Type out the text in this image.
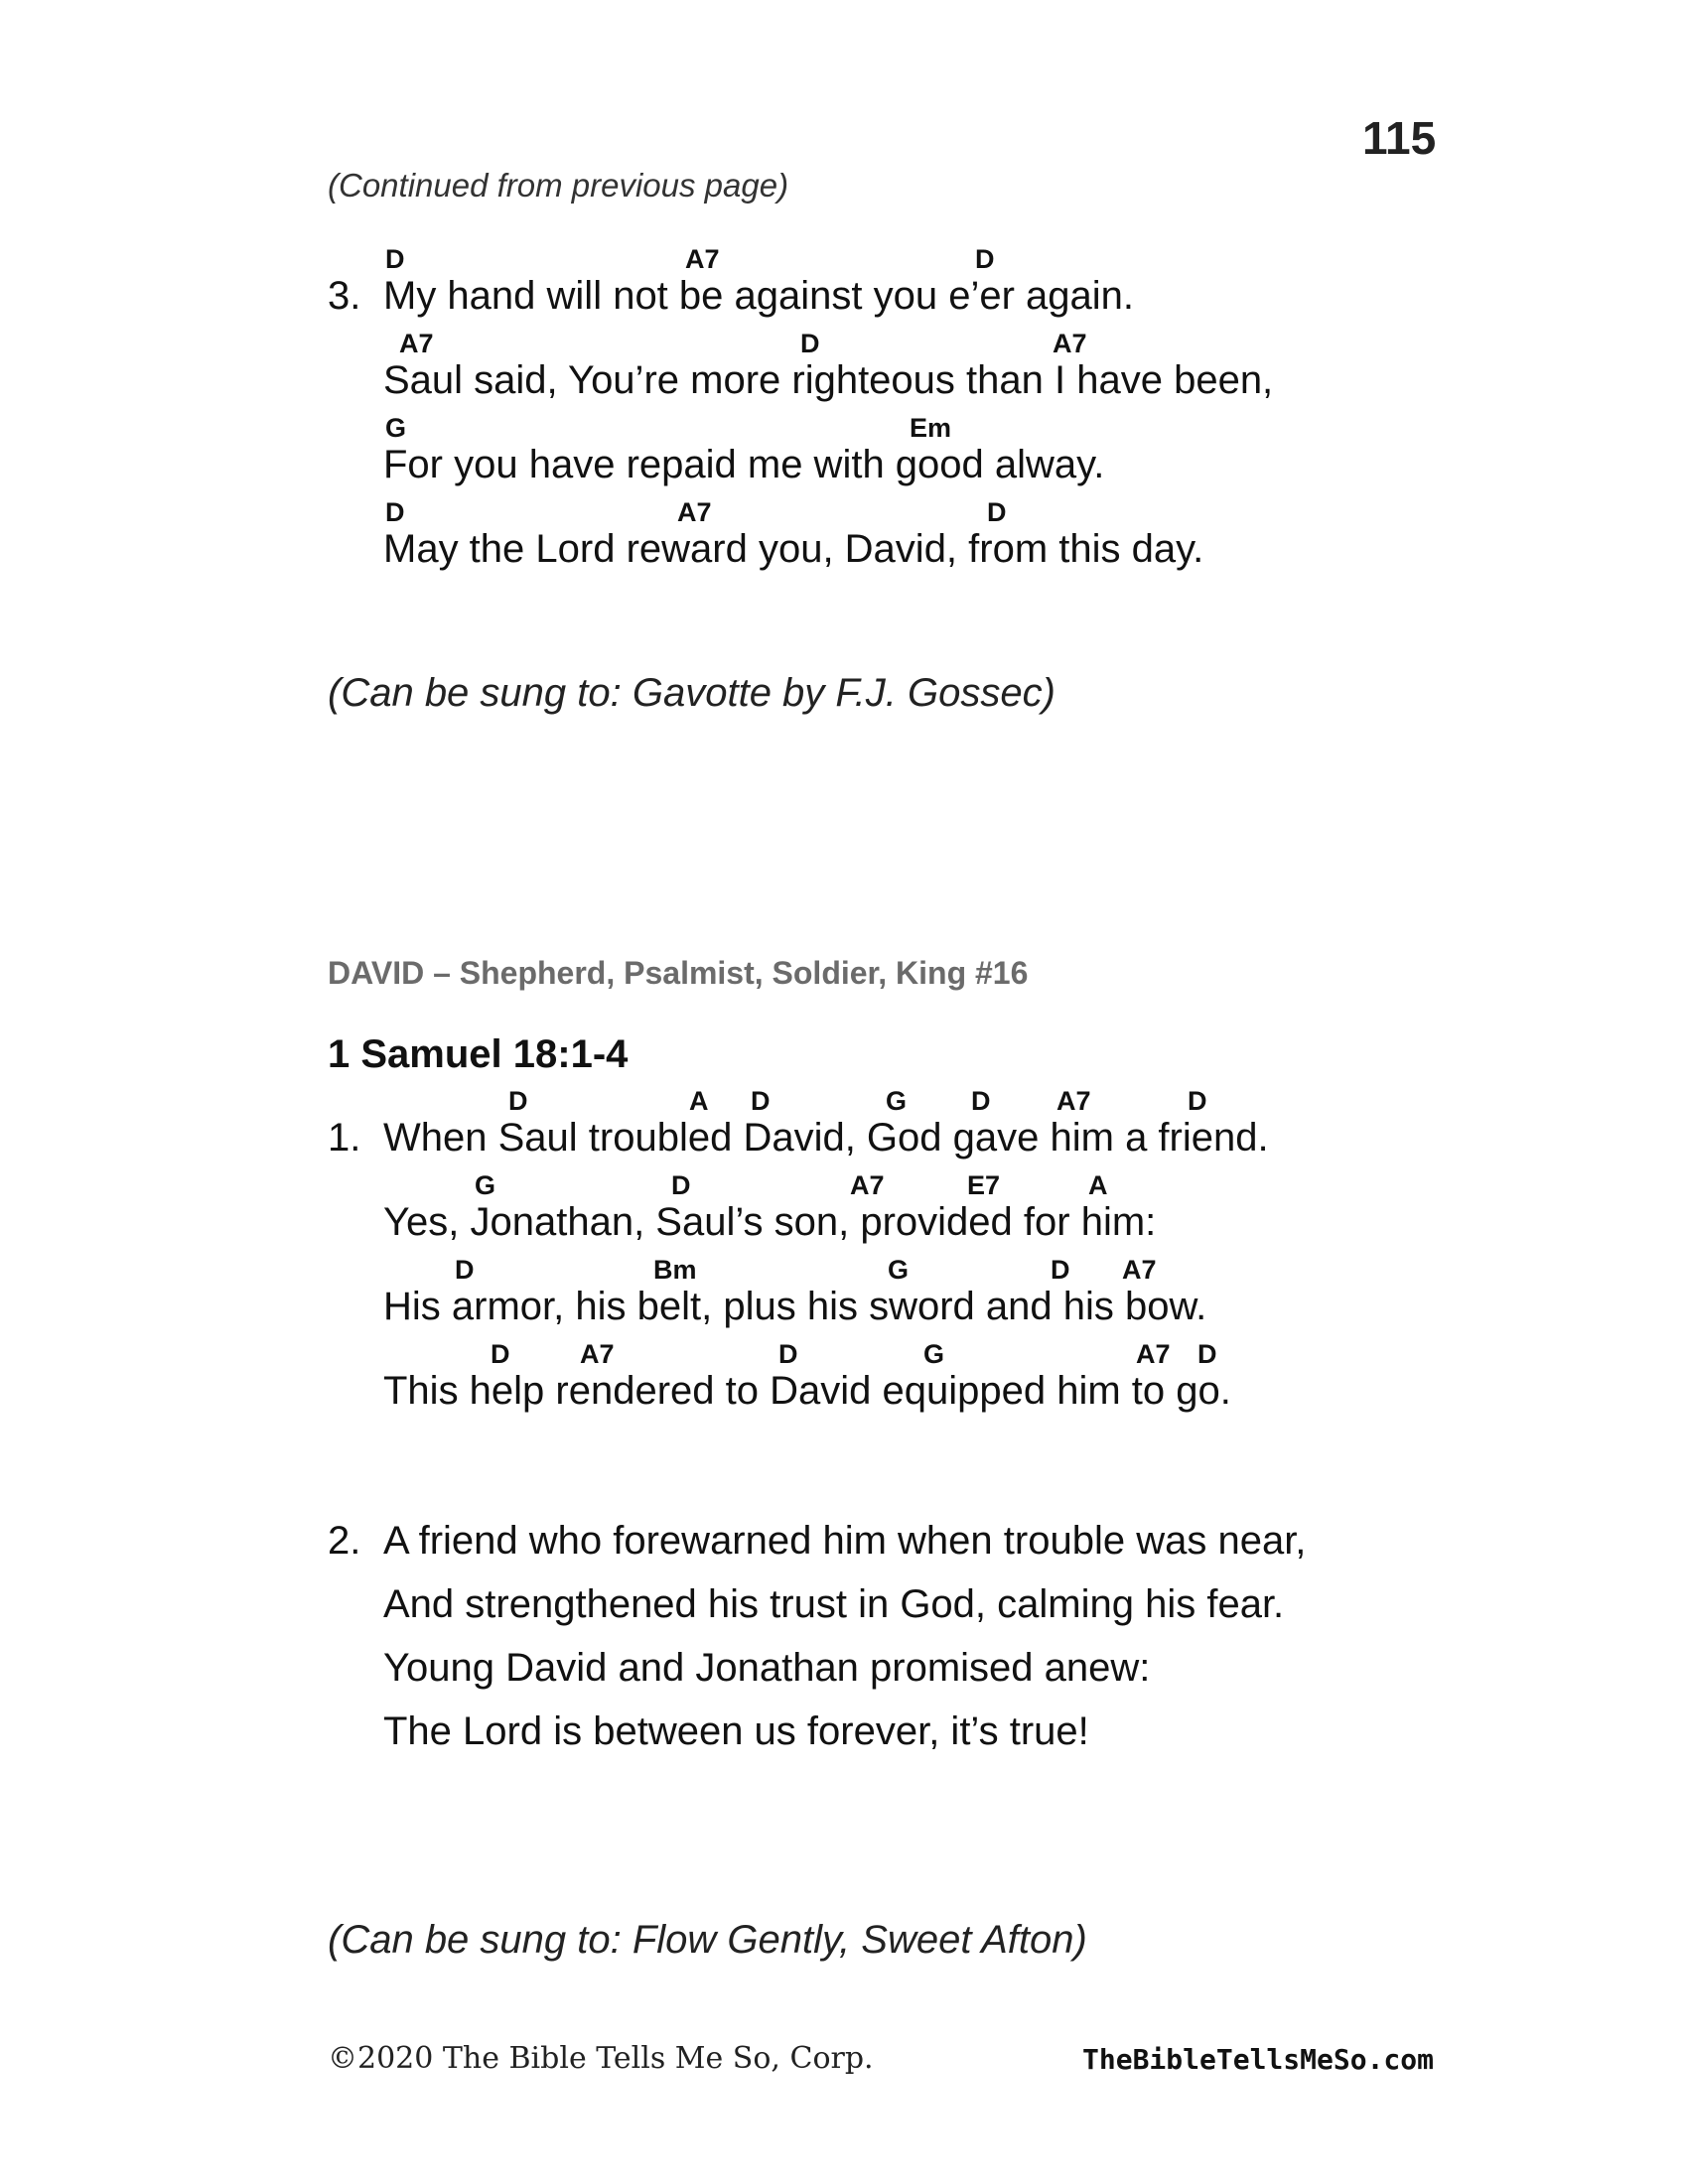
115
(Continued from previous page)
D	A7	D
3. My hand will not be against you e’er again.
A7	D	A7
Saul said, You’re more righteous than I have been,
G	Em
For you have repaid me with good alway.
D	A7	D
May the Lord reward you, David, from this day.
(Can be sung to: Gavotte by F.J. Gossec)
DAVID – Shepherd, Psalmist, Soldier, King #16
1 Samuel 18:1-4
D	A D	G D A7	D
1. When Saul troubled David, God gave him a friend.
G	D	A7	E7	A
Yes, Jonathan, Saul’s son, provided for him:
D	Bm	G	D A7
His armor, his belt, plus his sword and his bow.
D	A7	D	G	A7 D
This help rendered to David equipped him to go.
2. A friend who forewarned him when trouble was near,
And strengthened his trust in God, calming his fear.
Young David and Jonathan promised anew:
The Lord is between us forever, it’s true!
(Can be sung to: Flow Gently, Sweet Afton)
©2020 The Bible Tells Me So, Corp.	TheBibleTellsMeSo.com
